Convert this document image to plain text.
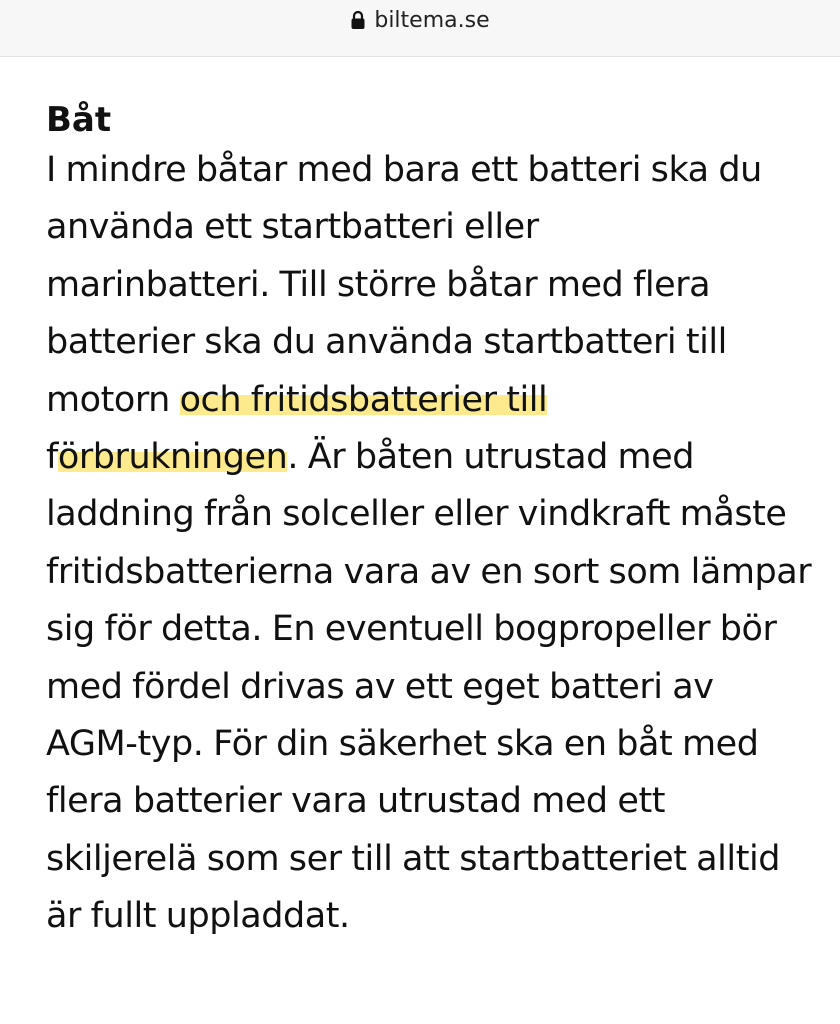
biltema.se
Båt

I mindre båtar med bara ett batteri ska du
använda ett startbatteri eller
marinbatteri. Till större båtar med flera
batterier ska du använda startbatteri till
motorn och fritidsbatterier till
förbrukningen. Är båten utrustad med
laddning från solceller eller vindkraft måste
fritidsbatterierna vara av en sort som lämpar
sig för detta. En eventuell bogpropeller bör
med fördel drivas av ett eget batteri av
AGM-typ. För din säkerhet ska en båt med
flera batterier vara utrustad med ett
skiljerelä som ser till att startbatteriet alltid
är fullt uppladdat.
